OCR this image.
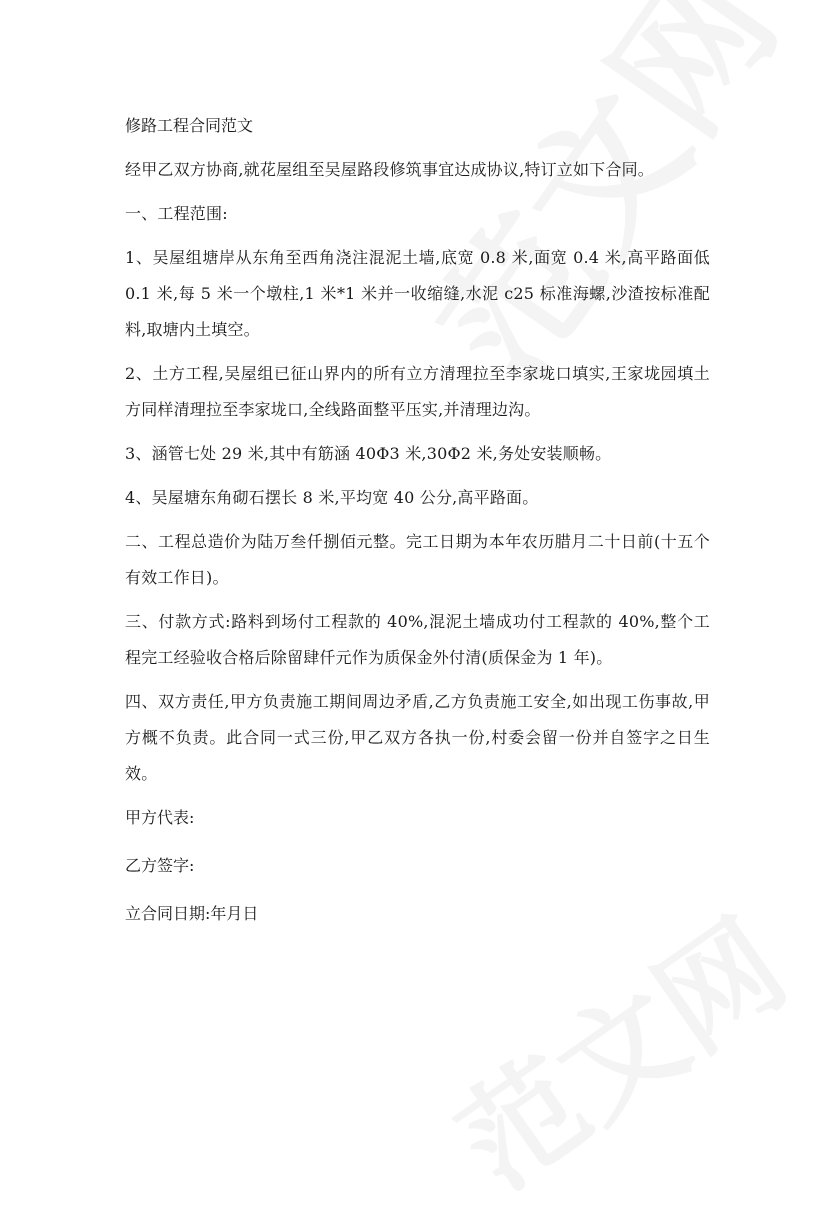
修路工程合同范文

经甲乙双方协商,就花屋组至吴屋路段修筑事宜达成协议,特订立如下合同。

一、工程范围:

1、吴屋组塘岸从东角至西角浇注混泥土墙,底宽 0.8 米,面宽 0.4 米,高平路面低 0.1 米,每 5 米一个墩柱,1 米*1 米并一收缩缝,水泥 c25 标准海螺,沙渣按标准配料,取塘内土填空。

2、土方工程,吴屋组已征山界内的所有立方清理拉至李家垅口填实,王家垅园填土方同样清理拉至李家垅口,全线路面整平压实,并清理边沟。

3、涵管七处 29 米,其中有筋涵 40Φ3 米,30Φ2 米,务处安装顺畅。

4、吴屋塘东角砌石摆长 8 米,平均宽 40 公分,高平路面。

二、工程总造价为陆万叁仟捌佰元整。完工日期为本年农历腊月二十日前(十五个有效工作日)。

三、付款方式:路料到场付工程款的 40%,混泥土墙成功付工程款的 40%,整个工程完工经验收合格后除留肆仟元作为质保金外付清(质保金为 1 年)。

四、双方责任,甲方负责施工期间周边矛盾,乙方负责施工安全,如出现工伤事故,甲方概不负责。此合同一式三份,甲乙双方各执一份,村委会留一份并自签字之日生效。

甲方代表:

乙方签字:

立合同日期:年月日
